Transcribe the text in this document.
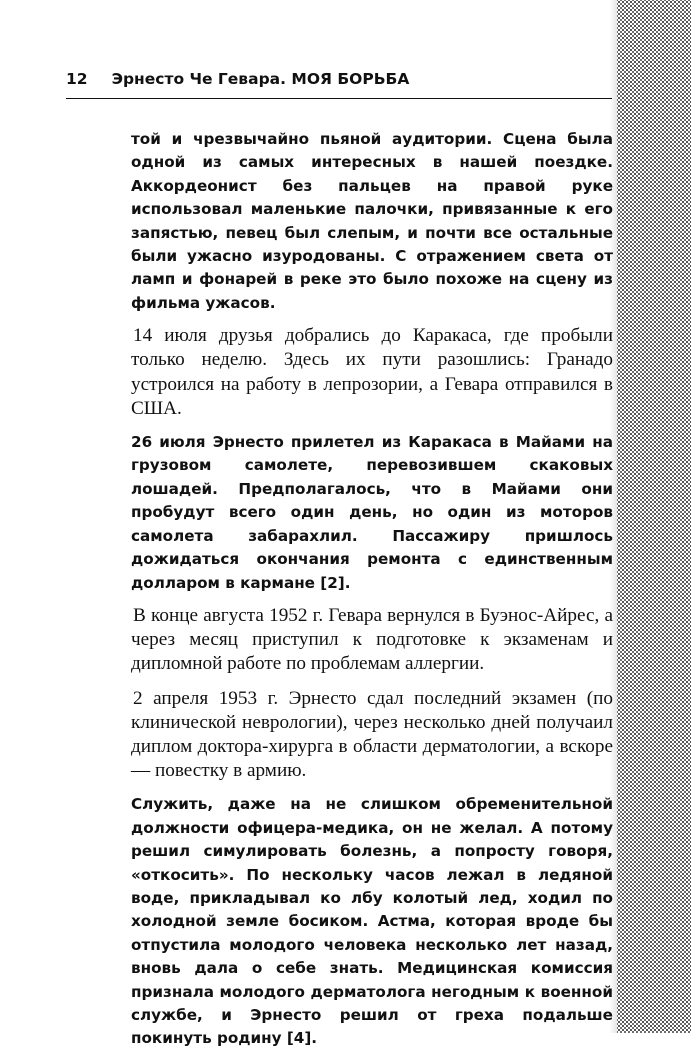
12 Эрнесто Че Гевара. МОЯ БОРЬБА

той и чрезвычайно пьяной аудитории. Сцена была одной из самых интересных в нашей поездке. Аккордеонист без пальцев на правой руке использовал маленькие палочки, привязанные к его запястью, певец был слепым, и почти все остальные были ужасно изуродованы. С отражением света от ламп и фонарей в реке это было похоже на сцену из фильма ужасов.

14 июля друзья добрались до Каракаса, где пробыли только неделю. Здесь их пути разошлись: Гранадо устроился на работу в лепрозории, а Гевара отправился в США.

26 июля Эрнесто прилетел из Каракаса в Майами на грузовом самолете, перевозившем скаковых лошадей. Предполагалось, что в Майами они пробудут всего один день, но один из моторов самолета забарахлил. Пассажиру пришлось дожидаться окончания ремонта с единственным долларом в кармане [2].

В конце августа 1952 г. Гевара вернулся в Буэнос-Айрес, а через месяц приступил к подготовке к экзаменам и дипломной работе по проблемам аллергии.

2 апреля 1953 г. Эрнесто сдал последний экзамен (по клинической неврологии), через несколько дней получаил диплом доктора-хирурга в области дерматологии, а вскоре — повестку в армию.

Служить, даже на не слишком обременительной должности офицера-медика, он не желал. А потому решил симулировать болезнь, а попросту говоря, «откосить». По нескольку часов лежал в ледяной воде, прикладывал ко лбу колотый лед, ходил по холодной земле босиком. Астма, которая вроде бы отпустила молодого человека несколько лет назад, вновь дала о себе знать. Медицинская комиссия признала молодого дерматолога негодным к военной службе, и Эрнесто решил от греха подальше покинуть родину [4].
